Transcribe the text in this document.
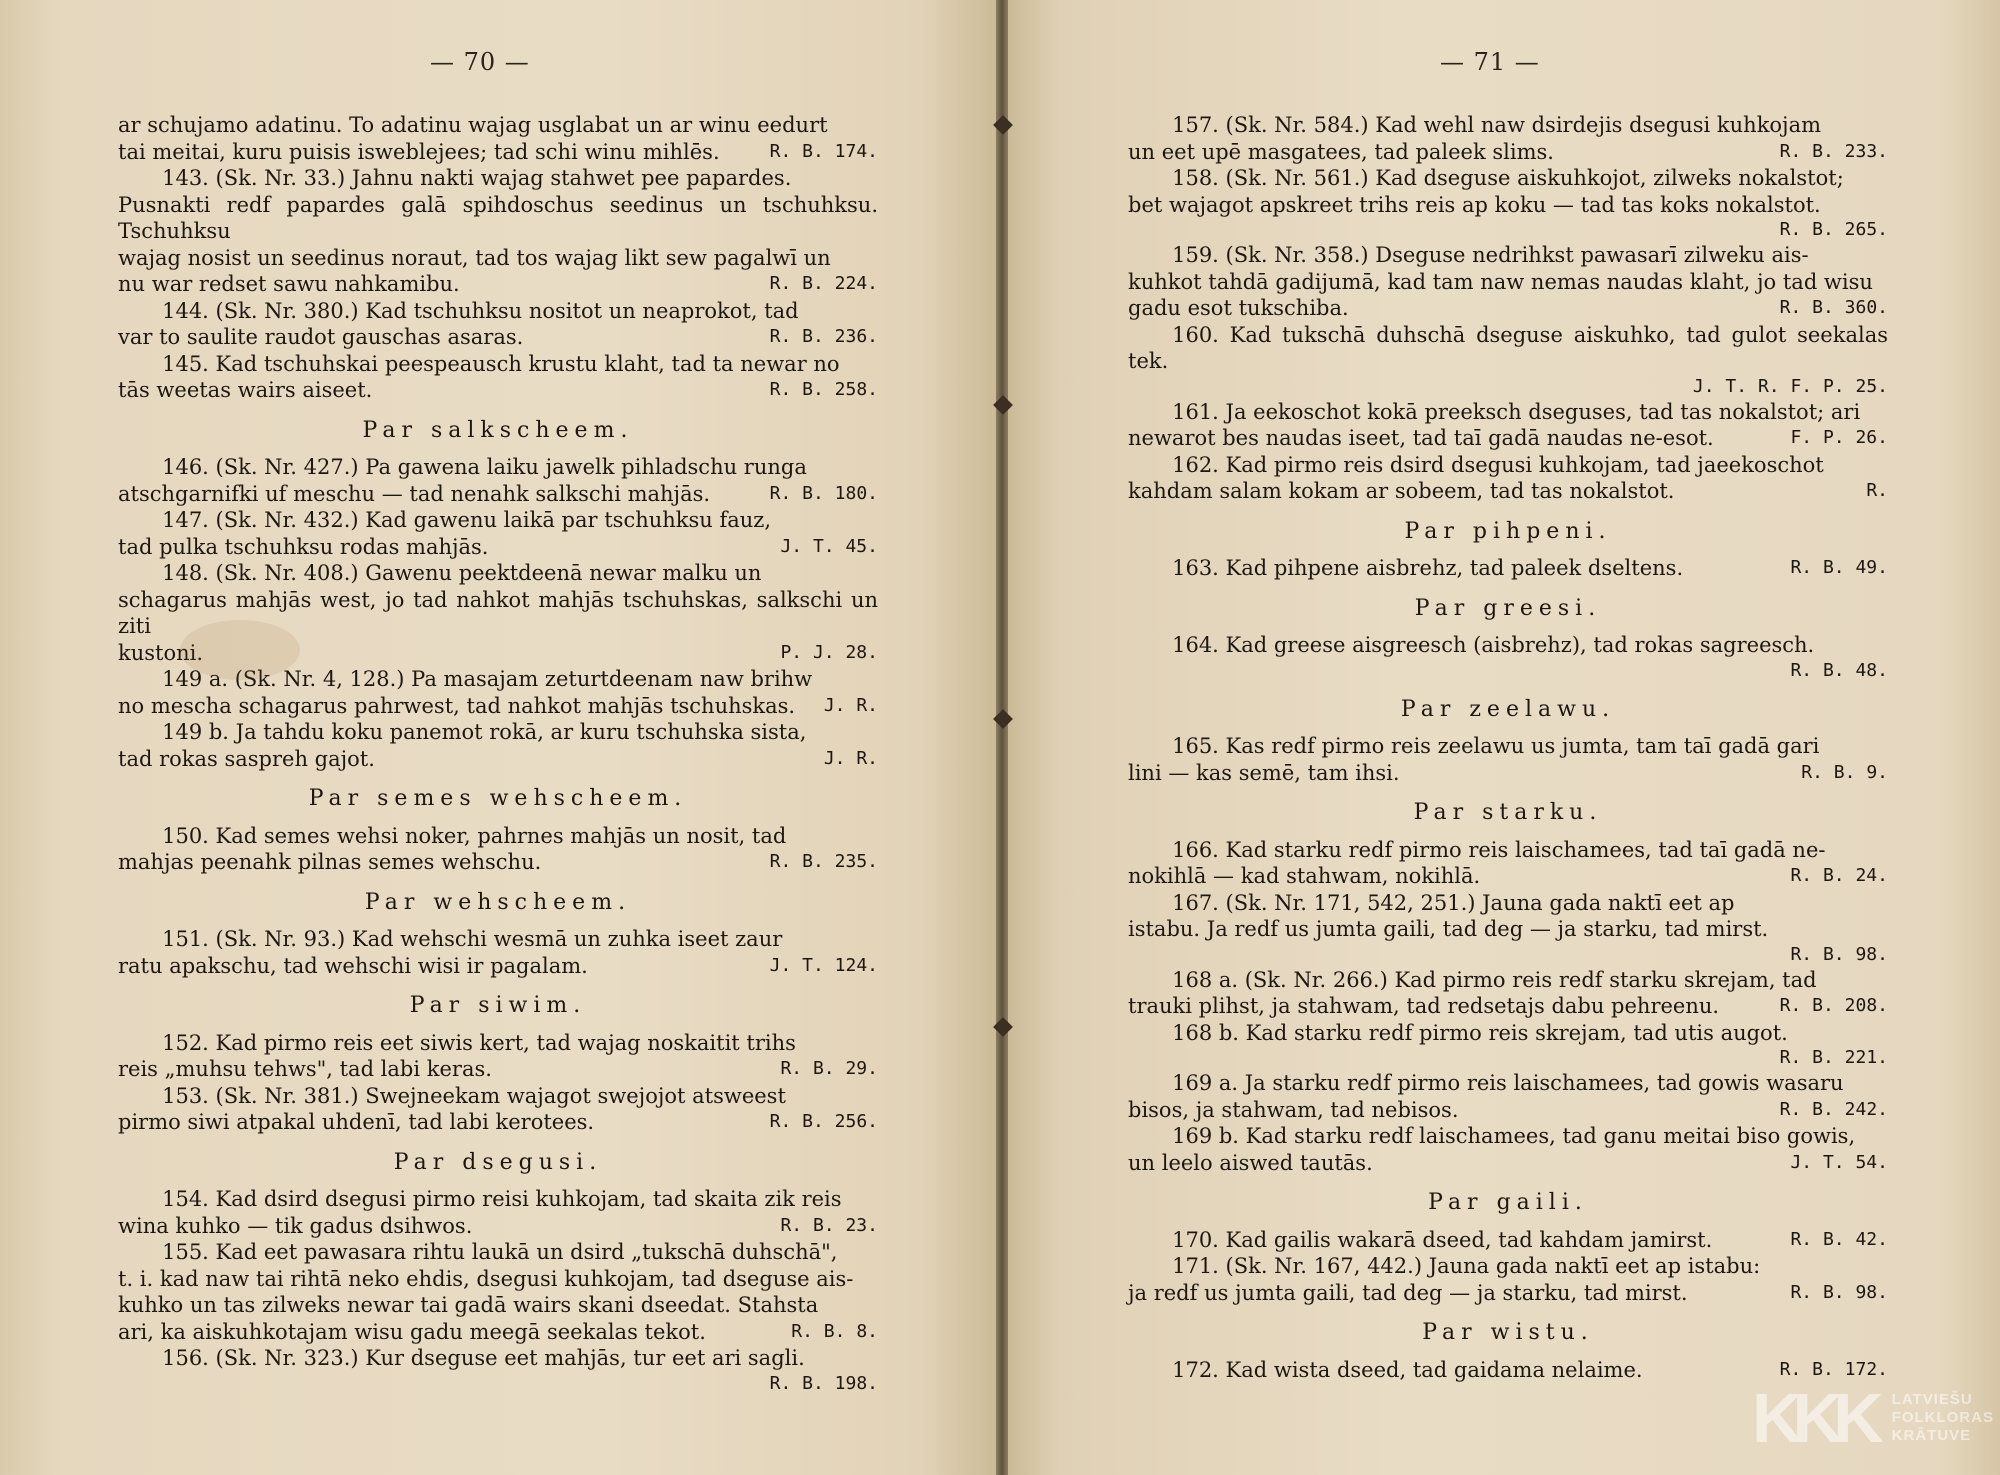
— 70 —
ar schujamo adatinu. To adatinu wajag usglabat un ar winu eedurt
R. B. 174.
tai meitai, kuru puisis isweblejees; tad schi winu mihlēs.
143. (Sk. Nr. 33.) Jahnu nakti wajag stahwet pee papardes.
Pusnakti redf papardes galā spihdoschus seedinus un tschuhksu. Tschuhksu
wajag nosist un seedinus noraut, tad tos wajag likt sew pagalwī un
R. B. 224.
nu war redset sawu nahkamibu.
144. (Sk. Nr. 380.) Kad tschuhksu nositot un neaprokot, tad
R. B. 236.
var to saulite raudot gauschas asaras.
145. Kad tschuhskai peespeausch krustu klaht, tad ta newar no
R. B. 258.
tās weetas wairs aiseet.
Par salkscheem.
146. (Sk. Nr. 427.) Pa gawena laiku jawelk pihladschu runga
R. B. 180.
atschgarnifki uf meschu — tad nenahk salkschi mahjās.
147. (Sk. Nr. 432.) Kad gawenu laikā par tschuhksu fauz,
J. T. 45.
tad pulka tschuhksu rodas mahjās.
148. (Sk. Nr. 408.) Gawenu peektdeenā newar malku un
schagarus mahjās west, jo tad nahkot mahjās tschuhskas, salkschi un ziti
P. J. 28.
kustoni.
149 a. (Sk. Nr. 4, 128.) Pa masajam zeturtdeenam naw brihw
J. R.
no mescha schagarus pahrwest, tad nahkot mahjās tschuhskas.
149 b. Ja tahdu koku panemot rokā, ar kuru tschuhska sista,
J. R.
tad rokas saspreh gajot.
Par semes wehscheem.
150. Kad semes wehsi noker, pahrnes mahjās un nosit, tad
R. B. 235.
mahjas peenahk pilnas semes wehschu.
Par wehscheem.
151. (Sk. Nr. 93.) Kad wehschi wesmā un zuhka iseet zaur
J. T. 124.
ratu apakschu, tad wehschi wisi ir pagalam.
Par siwim.
152. Kad pirmo reis eet siwis kert, tad wajag noskaitit trihs
R. B. 29.
reis „muhsu tehws", tad labi keras.
153. (Sk. Nr. 381.) Swejneekam wajagot swejojot atsweest
R. B. 256.
pirmo siwi atpakal uhdenī, tad labi kerotees.
Par dsegusi.
154. Kad dsird dsegusi pirmo reisi kuhkojam, tad skaita zik reis
R. B. 23.
wina kuhko — tik gadus dsihwos.
155. Kad eet pawasara rihtu laukā un dsird „tukschā duhschā",
t. i. kad naw tai rihtā neko ehdis, dsegusi kuhkojam, tad dseguse ais-
kuhko un tas zilweks newar tai gadā wairs skani dseedat. Stahsta
R. B. 8.
ari, ka aiskuhkotajam wisu gadu meegā seekalas tekot.
156. (Sk. Nr. 323.) Kur dseguse eet mahjās, tur eet ari sagli.
R. B. 198.
— 71 —
157. (Sk. Nr. 584.) Kad wehl naw dsirdejis dsegusi kuhkojam
R. B. 233.
un eet upē masgatees, tad paleek slims.
158. (Sk. Nr. 561.) Kad dseguse aiskuhkojot, zilweks nokalstot;
bet wajagot apskreet trihs reis ap koku — tad tas koks nokalstot.
R. B. 265.
159. (Sk. Nr. 358.) Dseguse nedrihkst pawasarī zilweku ais-
kuhkot tahdā gadijumā, kad tam naw nemas naudas klaht, jo tad wisu
R. B. 360.
gadu esot tukschiba.
160. Kad tukschā duhschā dseguse aiskuhko, tad gulot seekalas tek.
J. T. R. F. P. 25.
161. Ja eekoschot kokā preeksch dseguses, tad tas nokalstot; ari
F. P. 26.
newarot bes naudas iseet, tad taī gadā naudas ne-esot.
162. Kad pirmo reis dsird dsegusi kuhkojam, tad jaeekoschot
R.
kahdam salam kokam ar sobeem, tad tas nokalstot.
Par pihpeni.
R. B. 49.
163. Kad pihpene aisbrehz, tad paleek dseltens.
Par greesi.
164. Kad greese aisgreesch (aisbrehz), tad rokas sagreesch.
R. B. 48.
Par zeelawu.
165. Kas redf pirmo reis zeelawu us jumta, tam taī gadā gari
R. B. 9.
lini — kas semē, tam ihsi.
Par starku.
166. Kad starku redf pirmo reis laischamees, tad taī gadā ne-
R. B. 24.
nokihlā — kad stahwam, nokihlā.
167. (Sk. Nr. 171, 542, 251.) Jauna gada naktī eet ap
istabu. Ja redf us jumta gaili, tad deg — ja starku, tad mirst.
R. B. 98.
168 a. (Sk. Nr. 266.) Kad pirmo reis redf starku skrejam, tad
R. B. 208.
trauki plihst, ja stahwam, tad redsetajs dabu pehreenu.
168 b. Kad starku redf pirmo reis skrejam, tad utis augot.
R. B. 221.
169 a. Ja starku redf pirmo reis laischamees, tad gowis wasaru
R. B. 242.
bisos, ja stahwam, tad nebisos.
169 b. Kad starku redf laischamees, tad ganu meitai biso gowis,
J. T. 54.
un leelo aiswed tautās.
Par gaili.
R. B. 42.
170. Kad gailis wakarā dseed, tad kahdam jamirst.
171. (Sk. Nr. 167, 442.) Jauna gada naktī eet ap istabu:
R. B. 98.
ja redf us jumta gaili, tad deg — ja starku, tad mirst.
Par wistu.
R. B. 172.
172. Kad wista dseed, tad gaidama nelaime.
KKK LATVIEŠU
FOLKLORAS
KRĀTUVE
